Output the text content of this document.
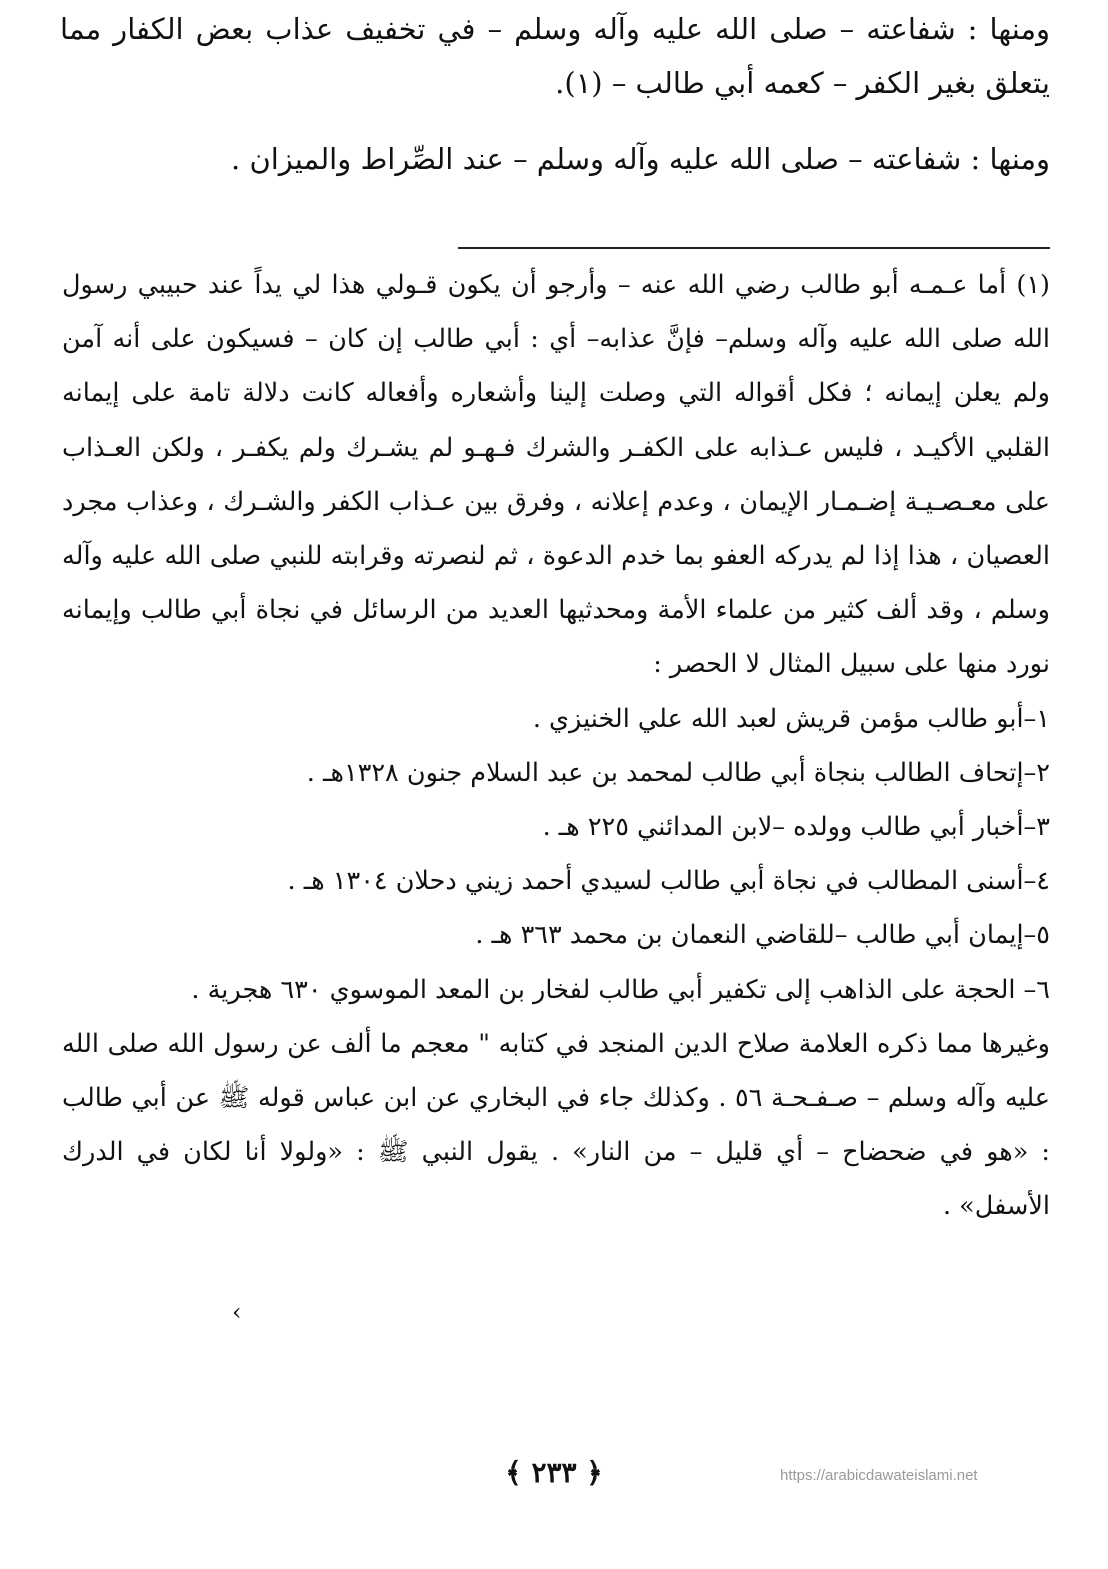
ومنها : شفاعته – صلى الله عليه وآله وسلم – في تخفيف عذاب بعض الكفار مما يتعلق بغير الكفر – كعمه أبي طالب – (١).

ومنها : شفاعته – صلى الله عليه وآله وسلم – عند الصِّراط والميزان .

(١) أما عـمـه أبو طالب رضي الله عنه – وأرجو أن يكون قـولي هذا لي يداً عند حبيبي رسول الله صلى الله عليه وآله وسلم– فإنَّ عذابه– أي : أبي طالب إن كان – فسيكون على أنه آمن ولم يعلن إيمانه ؛ فكل أقواله التي وصلت إلينا وأشعاره وأفعاله كانت دلالة تامة على إيمانه القلبي الأكيـد ، فليس عـذابه على الكفـر والشرك فـهـو لم يشـرك ولم يكفـر ، ولكن العـذاب على معـصـيـة إضـمـار الإيمان ، وعدم إعلانه ، وفرق بين عـذاب الكفر والشـرك ، وعذاب مجرد العصيان ، هذا إذا لم يدركه العفو بما خدم الدعوة ، ثم لنصرته وقرابته للنبي صلى الله عليه وآله وسلم ، وقد ألف كثير من علماء الأمة ومحدثيها العديد من الرسائل في نجاة أبي طالب وإيمانه نورد منها على سبيل المثال لا الحصر :

١–أبو طالب مؤمن قريش لعبد الله علي الخنيزي .
٢–إتحاف الطالب بنجاة أبي طالب لمحمد بن عبد السلام جنون ١٣٢٨هـ .
٣–أخبار أبي طالب وولده –لابن المدائني ٢٢٥ هـ .
٤–أسنى المطالب في نجاة أبي طالب لسيدي أحمد زيني دحلان ١٣٠٤ هـ .
٥–إيمان أبي طالب –للقاضي النعمان بن محمد ٣٦٣ هـ .
٦– الحجة على الذاهب إلى تكفير أبي طالب لفخار بن المعد الموسوي ٦٣٠ هجرية .

وغيرها مما ذكره العلامة صلاح الدين المنجد في كتابه " معجم ما ألف عن رسول الله صلى الله عليه وآله وسلم – صـفـحـة ٥٦ . وكذلك جاء في البخاري عن ابن عباس قوله ﷺ عن أبي طالب : «هو في ضحضاح – أي قليل – من النار» . يقول النبي ﷺ : «ولولا أنا لكان في الدرك الأسفل» .

›
﴿ ٢٣٣ ﴾	https://arabicdawateislami.net
